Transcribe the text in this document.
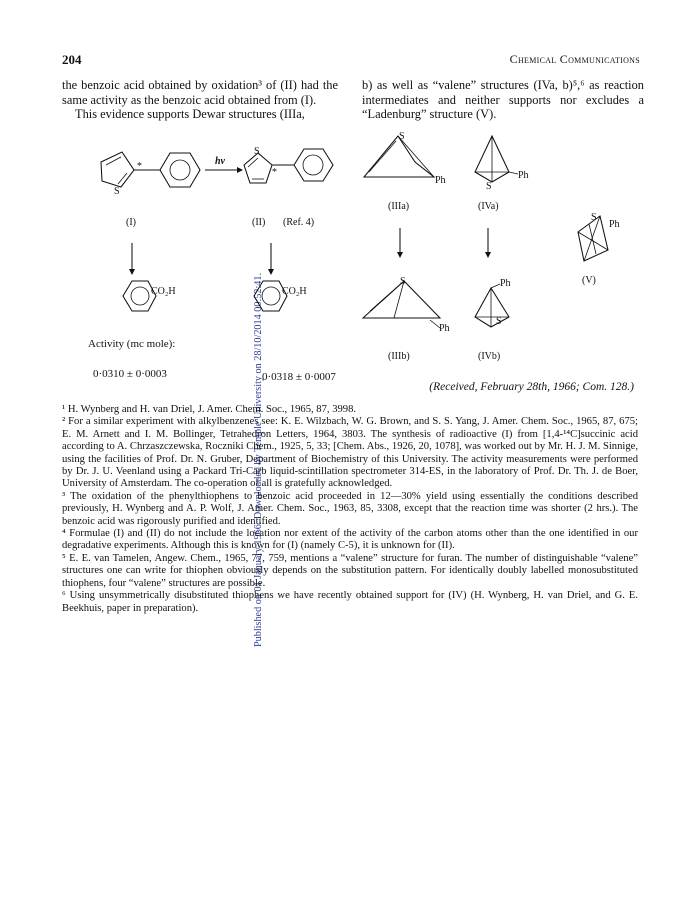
Published on 01 January 1966. Downloaded by Temple University on 28/10/2014 00:52:41.
204	Chemical Communications

the benzoic acid obtained by oxidation³ of (II) had the same activity as the benzoic acid obtained from (I).

This evidence supports Dewar structures (IIIa,

b) as well as “valene” structures (IVa, b)⁵,⁶ as reaction intermediates and neither supports nor excludes a “Ladenburg” structure (V).

S
*	hν
S
*
(I)	(II) (Ref. 4)
CO₂H	CO₂H
Activity (mc mole):
0·0310 ± 0·0003	0·0318 ± 0·0007
S
Ph
(IIIa)
Ph
S
(IVa)
S
Ph
(V)
S
Ph
(IIIb)
Ph
S
(IVb)
(Received, February 28th, 1966; Com. 128.)

¹ H. Wynberg and H. van Driel, J. Amer. Chem. Soc., 1965, 87, 3998.

² For a similar experiment with alkylbenzenes see: K. E. Wilzbach, W. G. Brown, and S. S. Yang, J. Amer. Chem. Soc., 1965, 87, 675; E. M. Arnett and I. M. Bollinger, Tetrahedron Letters, 1964, 3803. The synthesis of radioactive (I) from [1,4-¹⁴C]succinic acid according to A. Chrzaszczewska, Roczniki Chem., 1925, 5, 33; [Chem. Abs., 1926, 20, 1078], was worked out by Mr. H. J. M. Sinnige, using the facilities of Prof. Dr. N. Gruber, Department of Biochemistry of this University. The activity measurements were performed by Dr. J. U. Veenland using a Packard Tri-Carb liquid-scintillation spectrometer 314-ES, in the laboratory of Prof. Dr. Th. J. de Boer, University of Amsterdam. The co-operation of all is gratefully acknowledged.

³ The oxidation of the phenylthiophens to benzoic acid proceeded in 12—30% yield using essentially the conditions described previously, H. Wynberg and A. P. Wolf, J. Amer. Chem. Soc., 1963, 85, 3308, except that the reaction time was shorter (2 hrs.). The benzoic acid was rigorously purified and identified.

⁴ Formulae (I) and (II) do not include the location nor extent of the activity of the carbon atoms other than the one identified in our degradative experiments. Although this is known for (I) (namely C-5), it is unknown for (II).

⁵ E. E. van Tamelen, Angew. Chem., 1965, 77, 759, mentions a “valene” structure for furan. The number of distinguishable “valene” structures one can write for thiophen obviously depends on the substitution pattern. For identically doubly labelled monosubstituted thiophens, four “valene” structures are possible.

⁶ Using unsymmetrically disubstituted thiophens we have recently obtained support for (IV) (H. Wynberg, H. van Driel, and G. E. Beekhuis, paper in preparation).
